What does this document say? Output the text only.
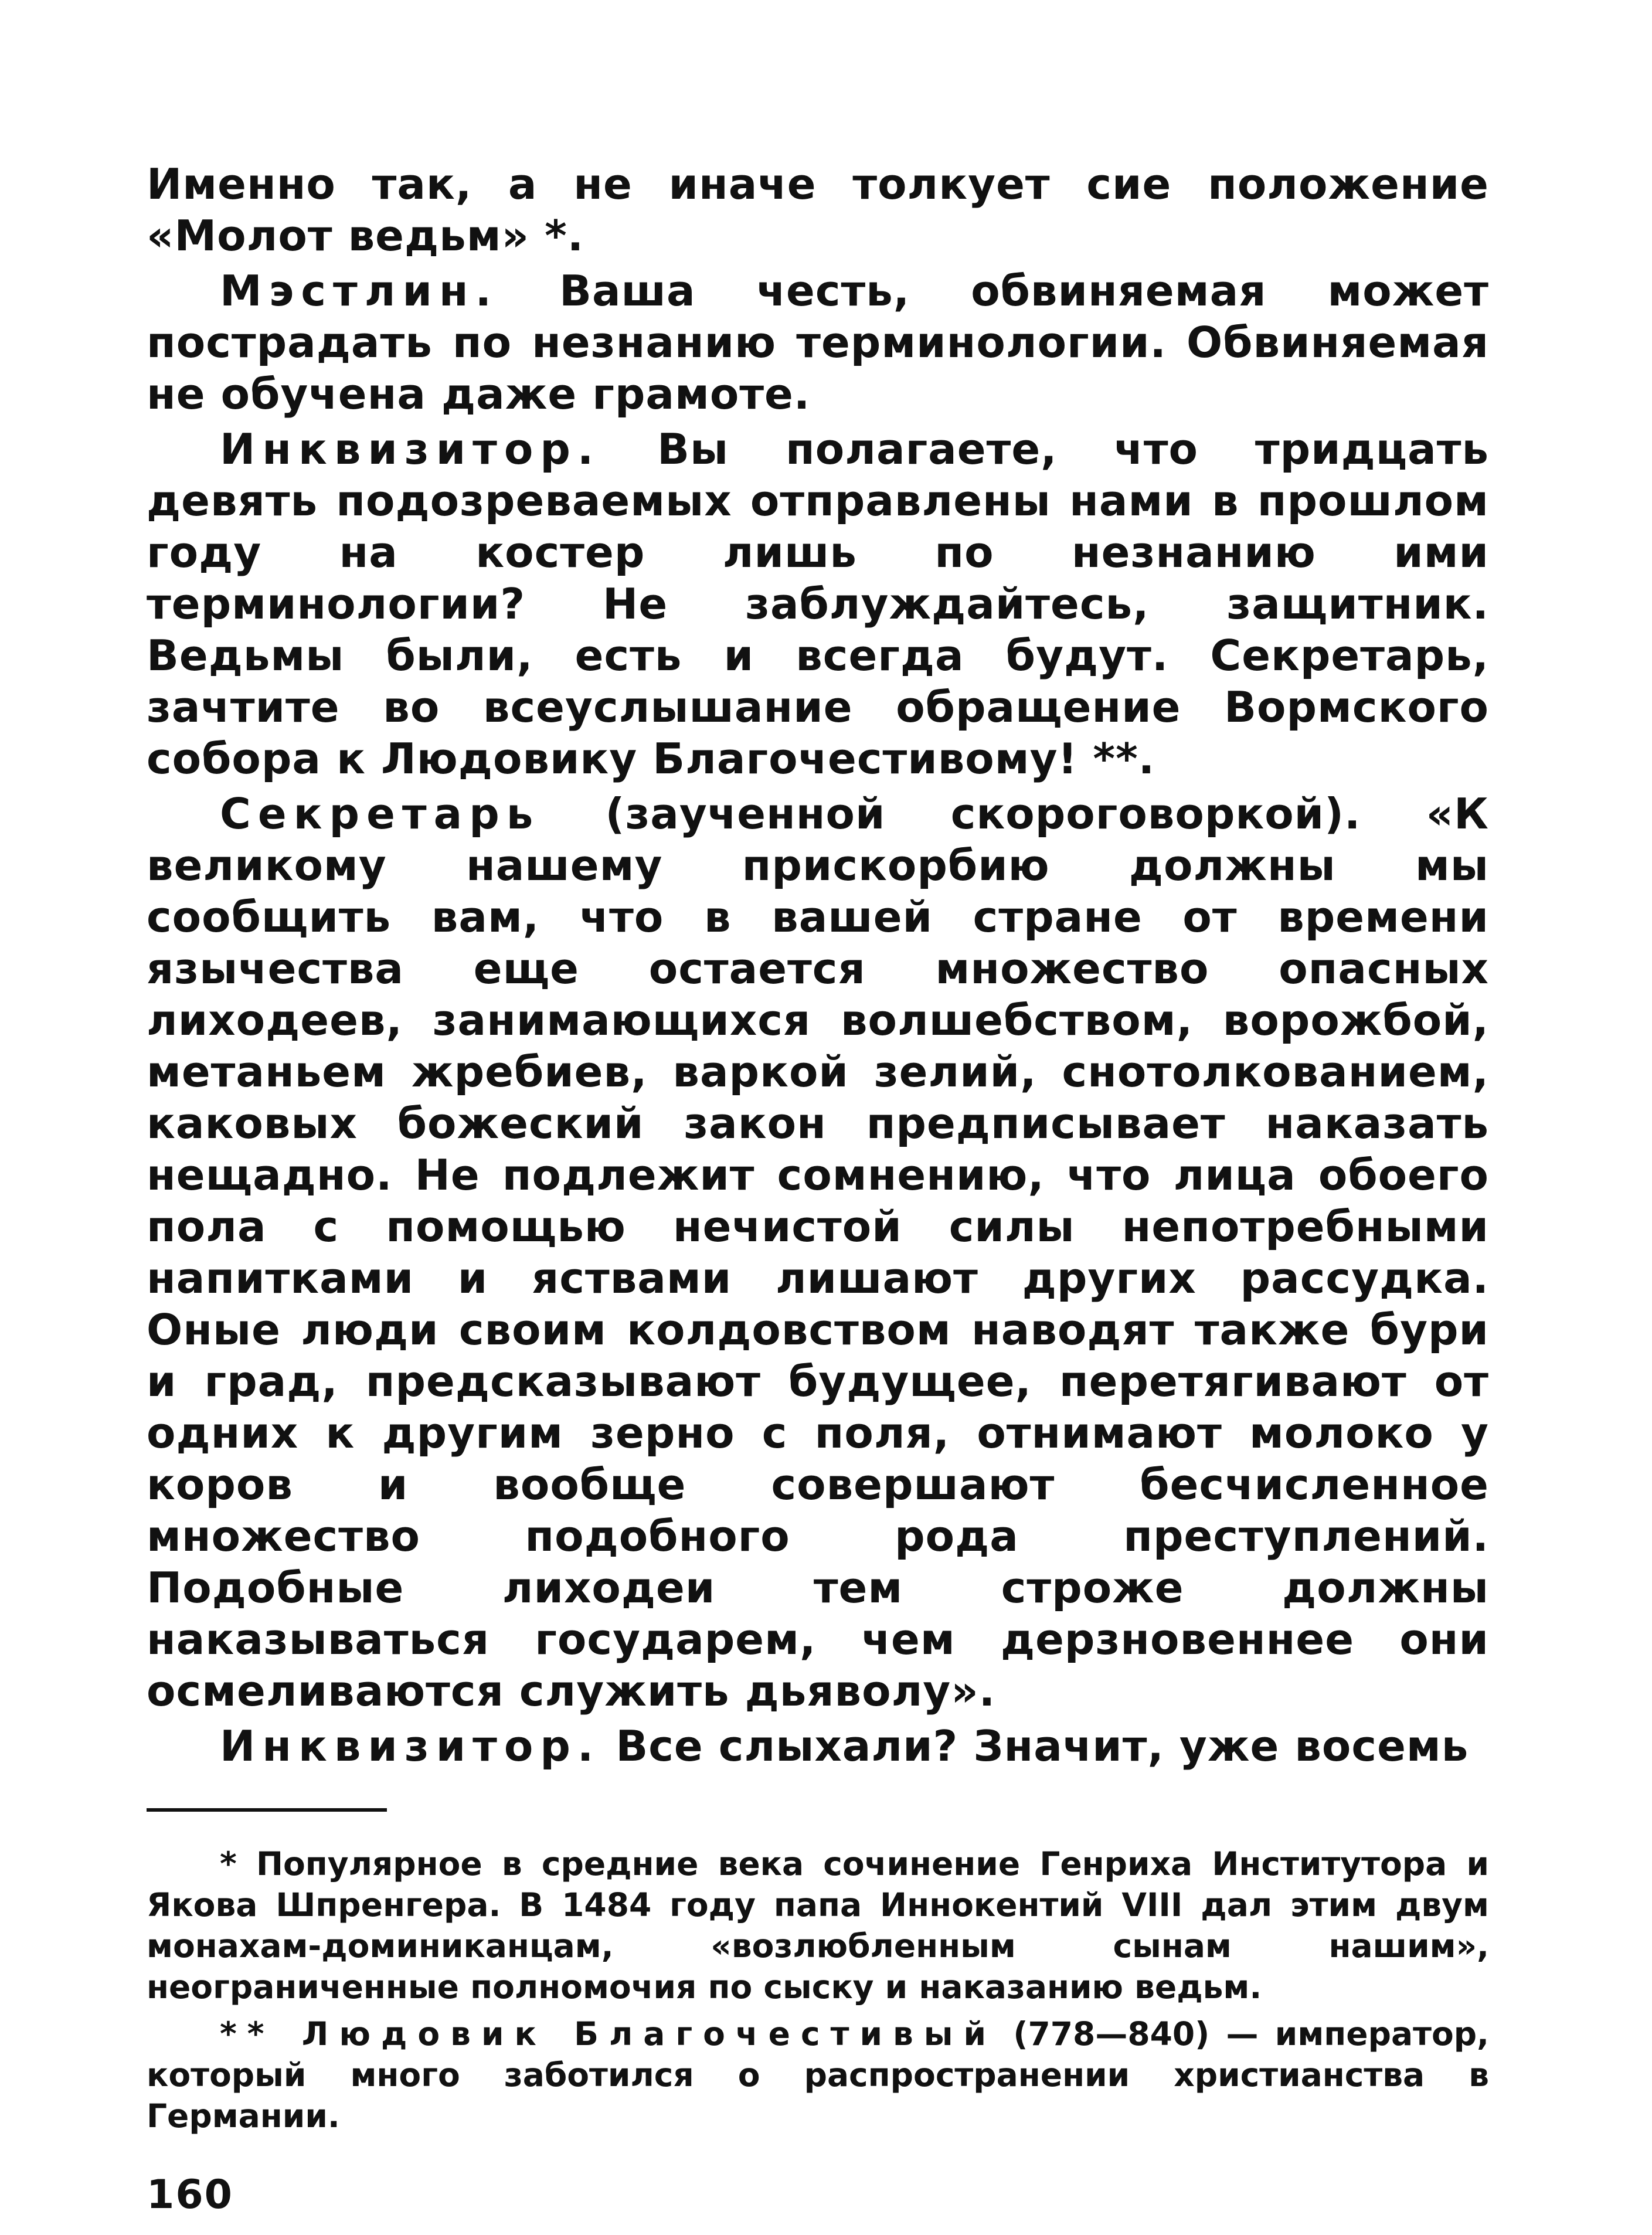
Именно так, а не иначе толкует сие положение «Молот ведьм» *.

Мэстлин. Ваша честь, обвиняемая может пострадать по незнанию терминологии. Обвиняемая не обучена даже грамоте.

Инквизитор. Вы полагаете, что тридцать девять подозреваемых отправлены нами в прошлом году на костер лишь по незнанию ими терминологии? Не заблуждайтесь, защитник. Ведьмы были, есть и всегда будут. Секретарь, зачтите во всеуслышание обращение Вормского собора к Людовику Благочестивому! **.

Секретарь (заученной скороговоркой). «К великому нашему прискорбию должны мы сообщить вам, что в вашей стране от времени язычества еще остается множество опасных лиходеев, занимающихся волшебством, ворожбой, метаньем жребиев, варкой зелий, снотолкованием, каковых божеский закон предписывает наказать нещадно. Не подлежит сомнению, что лица обоего пола с помощью нечистой силы непотребными напитками и яствами лишают других рассудка. Оные люди своим колдовством наводят также бури и град, предсказывают будущее, перетягивают от одних к другим зерно с поля, отнимают молоко у коров и вообще совершают бесчисленное множество подобного рода преступлений. Подобные лиходеи тем строже должны наказываться государем, чем дерзновеннее они осмеливаются служить дьяволу».

Инквизитор. Все слыхали? Значит, уже восемь

* Популярное в средние века сочинение Генриха Институтора и Якова Шпренгера. В 1484 году папа Иннокентий VIII дал этим двум монахам-доминиканцам, «возлюбленным сынам нашим», неограниченные полномочия по сыску и наказанию ведьм.

** Людовик Благочестивый (778—840) — император, который много заботился о распространении христианства в Германии.

160
